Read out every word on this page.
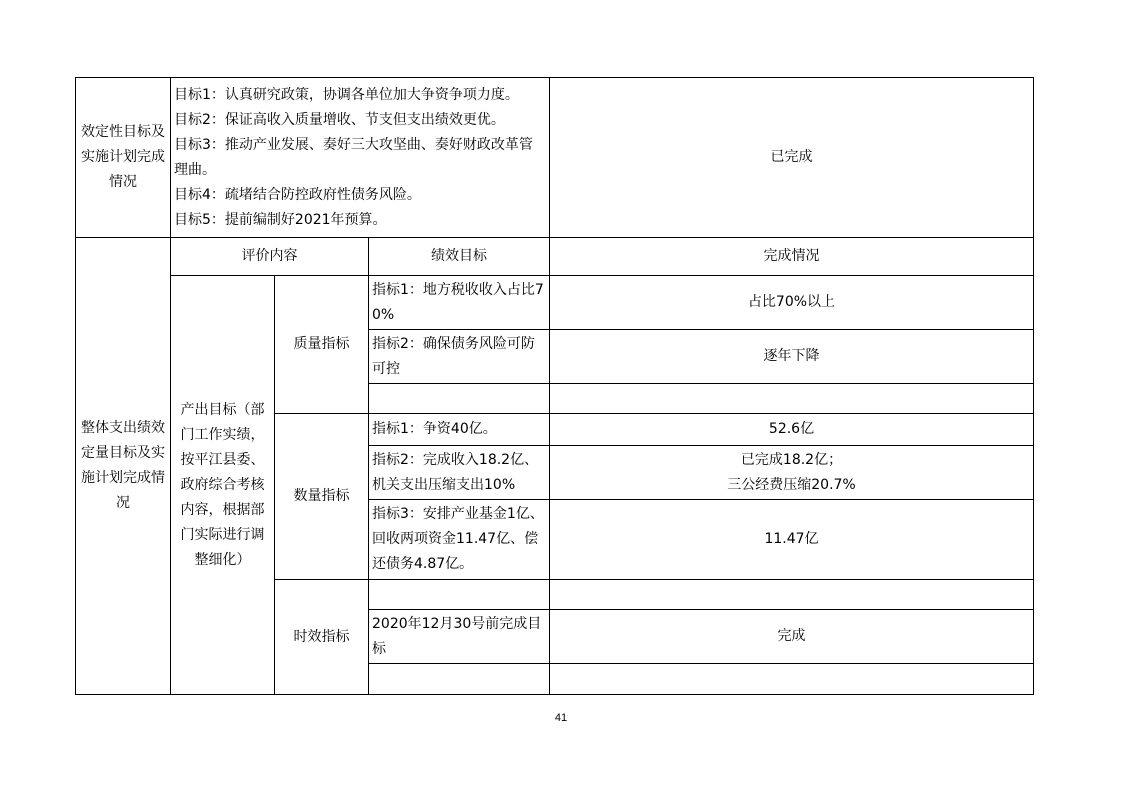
效定性目标及实施计划完成情况	目标1：认真研究政策，协调各单位加大争资争项力度。
目标2：保证高收入质量增收、节支但支出绩效更优。
目标3：推动产业发展、奏好三大攻坚曲、奏好财政改革管理曲。
目标4：疏堵结合防控政府性债务风险。
目标5：提前编制好2021年预算。			已完成
整体支出绩效定量目标及实施计划完成情况	评价内容		绩效目标	完成情况
	产出目标（部门工作实绩，按平江县委、政府综合考核内容，根据部门实际进行调整细化）	质量指标	指标1：地方税收收入占比70%	占比70%以上
			指标2：确保债务风险可防可控	逐年下降

		数量指标	指标1：争资40亿。	52.6亿
			指标2：完成收入18.2亿、机关支出压缩支出10%	已完成18.2亿；
三公经费压缩20.7%

			指标3：安排产业基金1亿、回收两项资金11.47亿、偿还债务4.87亿。	11.47亿
		时效指标		
			2020年12月30号前完成目标	完成

41
